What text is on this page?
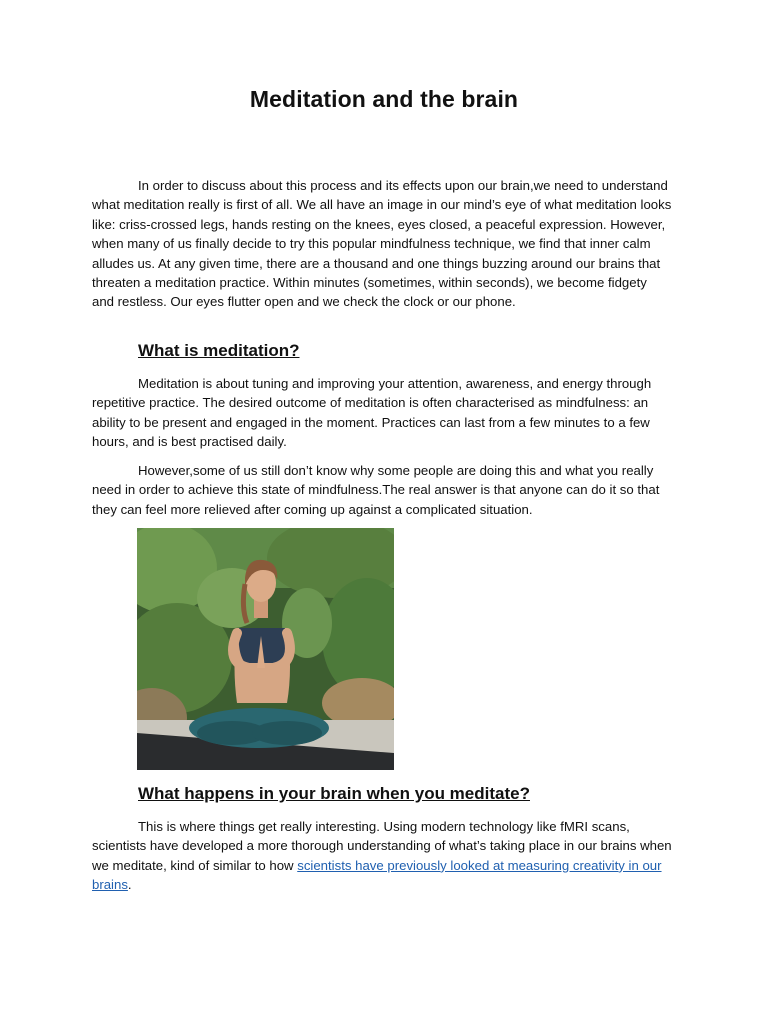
Meditation and the brain

In order to discuss about this process and its effects upon our brain,we need to understand what meditation really is first of all. We all have an image in our mind’s eye of what meditation looks like: criss-crossed legs, hands resting on the knees, eyes closed, a peaceful expression. However, when many of us finally decide to try this popular mindfulness technique, we find that inner calm alludes us. At any given time, there are a thousand and one things buzzing around our brains that threaten a meditation practice. Within minutes (sometimes, within seconds), we become fidgety and restless. Our eyes flutter open and we check the clock or our phone.

What is meditation?

Meditation is about tuning and improving your attention, awareness, and energy through repetitive practice. The desired outcome of meditation is often characterised as mindfulness: an ability to be present and engaged in the moment. Practices can last from a few minutes to a few hours, and is best practised daily.

However,some of us still don’t know why some people are doing this and what you really need in order to achieve this state of mindfulness.The real answer is that anyone can do it so that they can feel more relieved after coming up against a complicated situation.

What happens in your brain when you meditate?

This is where things get really interesting. Using modern technology like fMRI scans, scientists have developed a more thorough understanding of what’s taking place in our brains when we meditate, kind of similar to how scientists have previously looked at measuring creativity in our brains.
